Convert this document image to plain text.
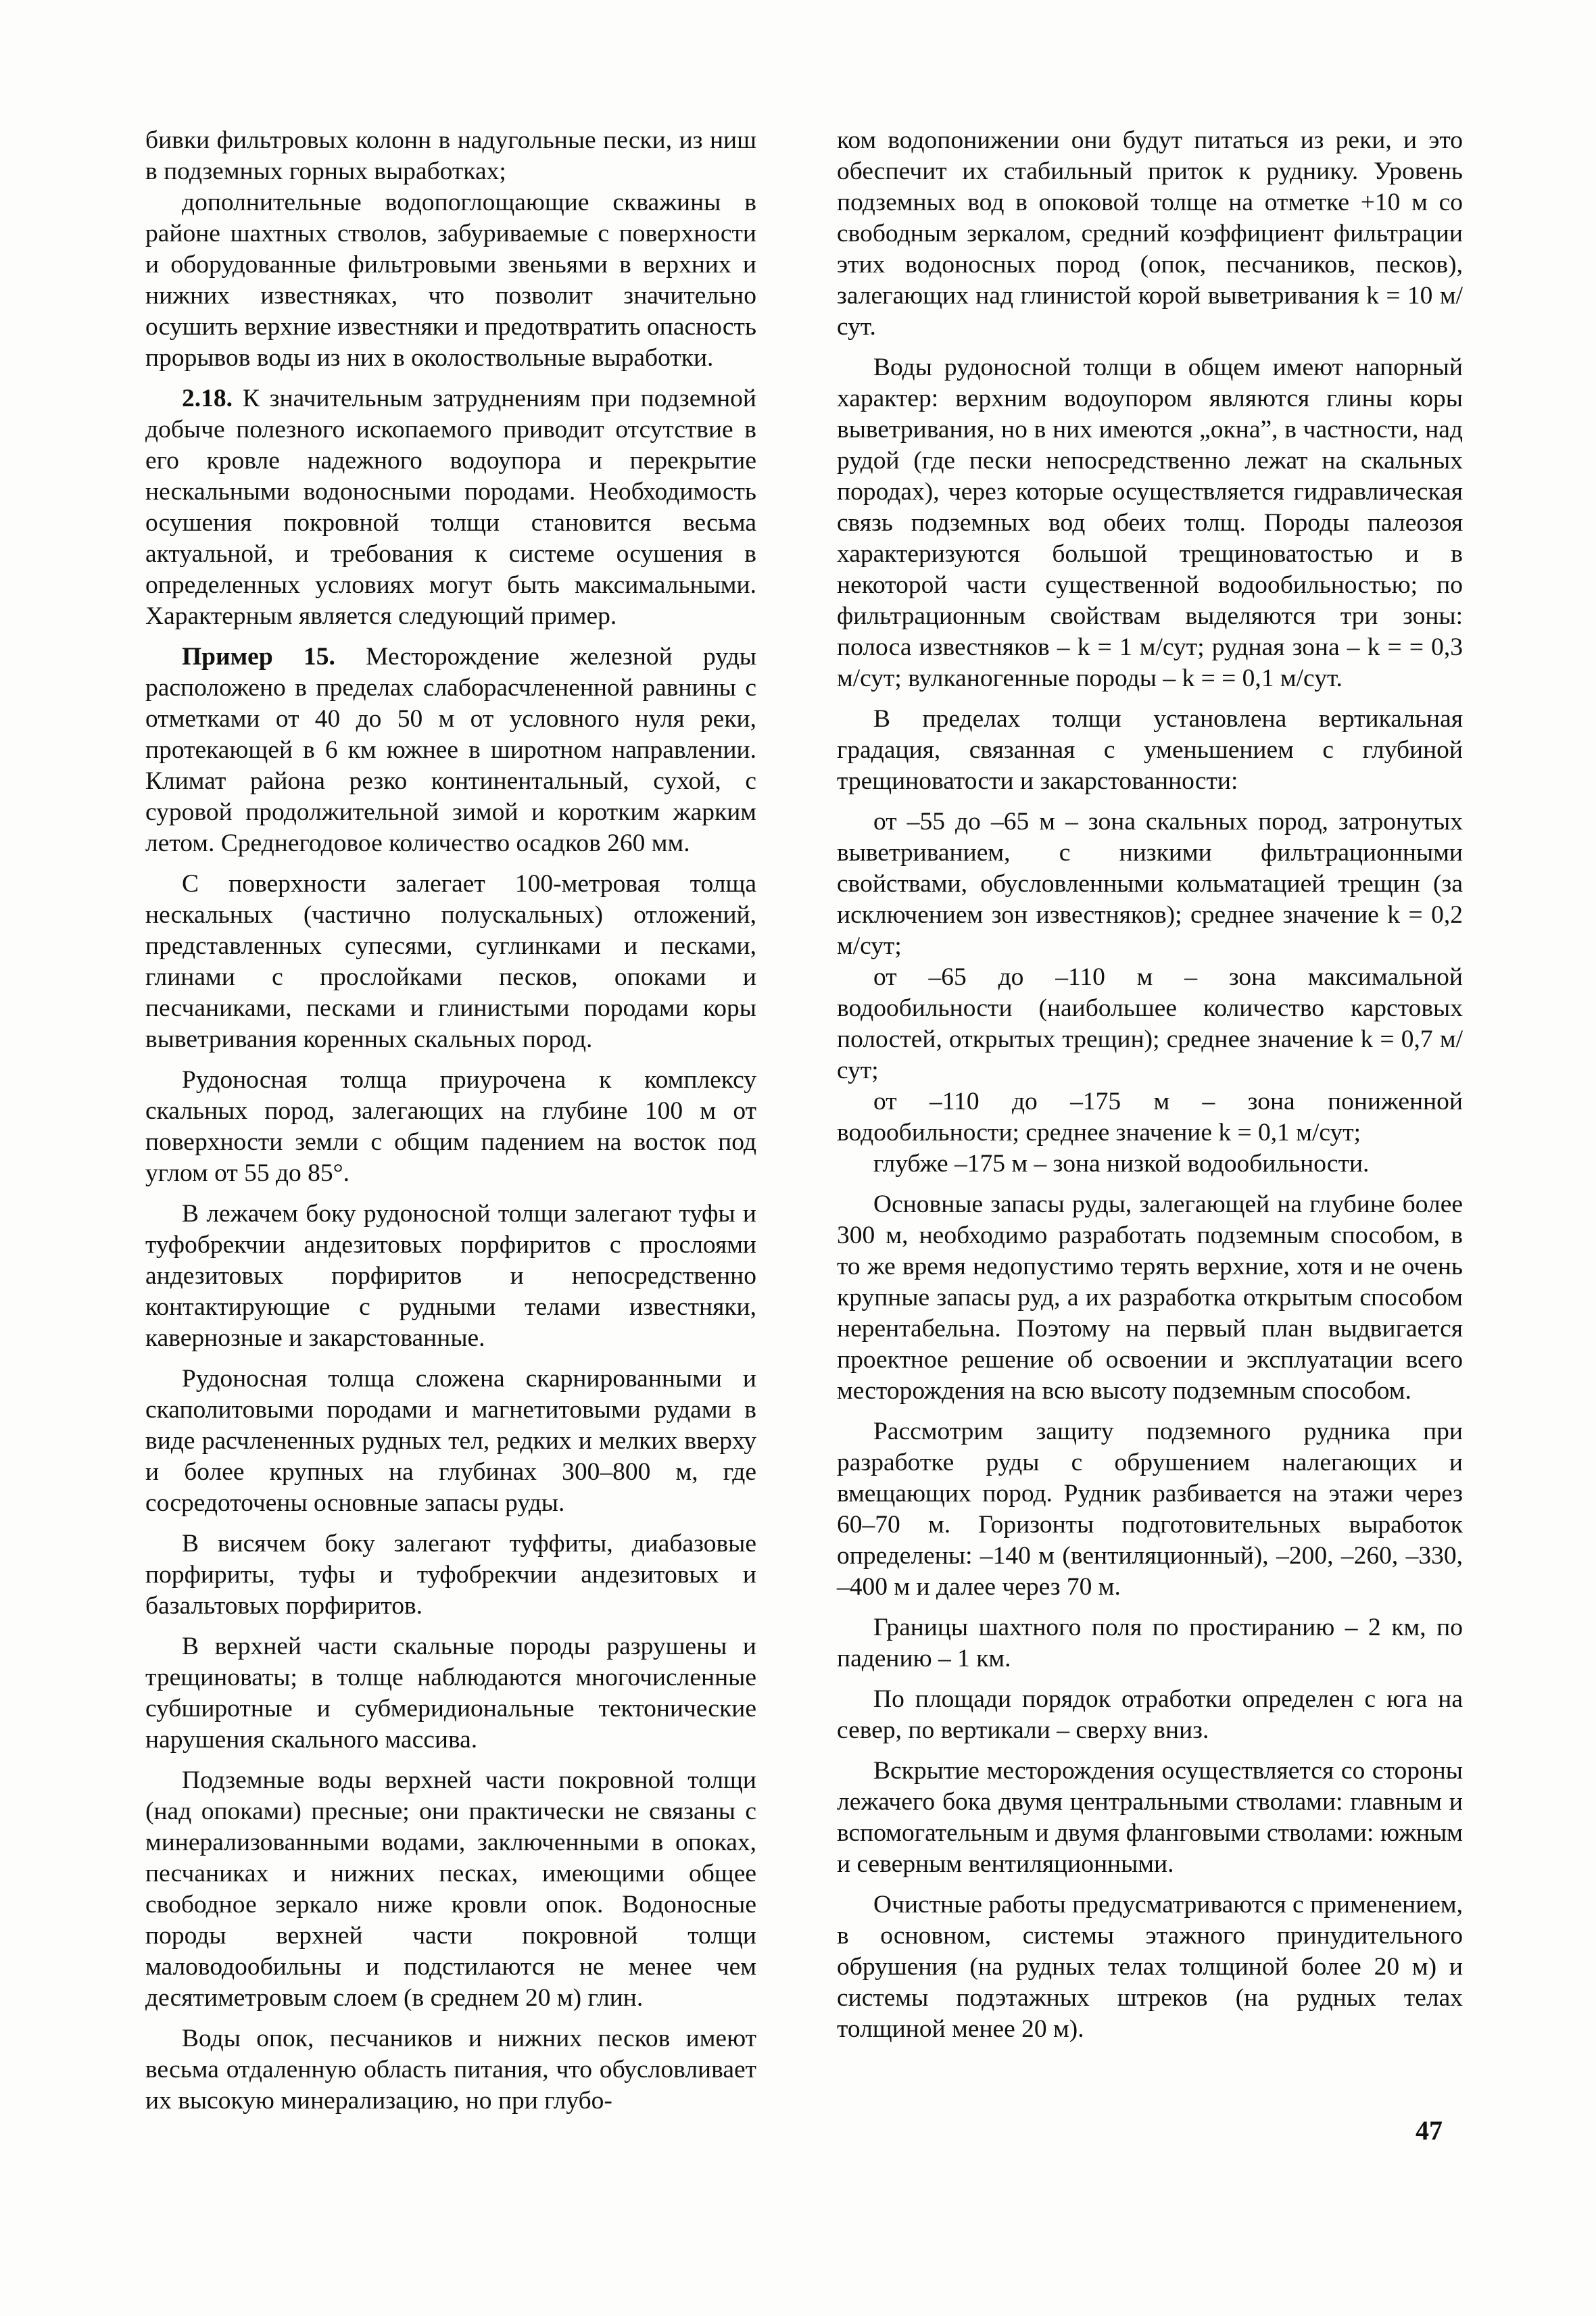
бивки фильтровых колонн в надугольные пески, из ниш в подземных горных выработках;

дополнительные водопоглощающие скважины в районе шахтных стволов, забуриваемые с поверхности и оборудованные фильтровыми звеньями в верхних и нижних известняках, что позволит значительно осушить верхние известняки и предотвратить опасность прорывов воды из них в околоствольные выработки.

2.18. К значительным затруднениям при подземной добыче полезного ископаемого приводит отсутствие в его кровле надежного водоупора и перекрытие нескальными водоносными породами. Необходимость осушения покровной толщи становится весьма актуальной, и требования к системе осушения в определенных условиях могут быть максимальными. Характерным является следующий пример.

Пример 15. Месторождение железной руды расположено в пределах слаборасчлененной равнины с отметками от 40 до 50 м от условного нуля реки, протекающей в 6 км южнее в широтном направлении. Климат района резко континентальный, сухой, с суровой продолжительной зимой и коротким жарким летом. Среднегодовое количество осадков 260 мм.

С поверхности залегает 100-метровая толща нескальных (частично полускальных) отложений, представленных супесями, суглинками и песками, глинами с прослойками песков, опоками и песчаниками, песками и глинистыми породами коры выветривания коренных скальных пород.

Рудоносная толща приурочена к комплексу скальных пород, залегающих на глубине 100 м от поверхности земли с общим падением на восток под углом от 55 до 85°.

В лежачем боку рудоносной толщи залегают туфы и туфобрекчии андезитовых порфиритов с прослоями андезитовых порфиритов и непосредственно контактирующие с рудными телами известняки, кавернозные и закарстованные.

Рудоносная толща сложена скарнированными и скаполитовыми породами и магнетитовыми рудами в виде расчлененных рудных тел, редких и мелких вверху и более крупных на глубинах 300–800 м, где сосредоточены основные запасы руды.

В висячем боку залегают туффиты, диабазовые порфириты, туфы и туфобрекчии андезитовых и базальтовых порфиритов.

В верхней части скальные породы разрушены и трещиноваты; в толще наблюдаются многочисленные субширотные и субмеридиональные тектонические нарушения скального массива.

Подземные воды верхней части покровной толщи (над опоками) пресные; они практически не связаны с минерализованными водами, заключенными в опоках, песчаниках и нижних песках, имеющими общее свободное зеркало ниже кровли опок. Водоносные породы верхней части покровной толщи маловодообильны и подстилаются не менее чем десятиметровым слоем (в среднем 20 м) глин.

Воды опок, песчаников и нижних песков имеют весьма отдаленную область питания, что обусловливает их высокую минерализацию, но при глубо-

ком водопонижении они будут питаться из реки, и это обеспечит их стабильный приток к руднику. Уровень подземных вод в опоковой толще на отметке +10 м со свободным зеркалом, средний коэффициент фильтрации этих водоносных пород (опок, песчаников, песков), залегающих над глинистой корой выветривания k = 10 м/сут.

Воды рудоносной толщи в общем имеют напорный характер: верхним водоупором являются глины коры выветривания, но в них имеются „окна”, в частности, над рудой (где пески непосредственно лежат на скальных породах), через которые осуществляется гидравлическая связь подземных вод обеих толщ. Породы палеозоя характеризуются большой трещиноватостью и в некоторой части существенной водообильностью; по фильтрационным свойствам выделяются три зоны: полоса известняков – k = 1 м/сут; рудная зона – k = = 0,3 м/сут; вулканогенные породы – k = = 0,1 м/сут.

В пределах толщи установлена вертикальная градация, связанная с уменьшением с глубиной трещиноватости и закарстованности:

от –55 до –65 м – зона скальных пород, затронутых выветриванием, с низкими фильтрационными свойствами, обусловленными кольматацией трещин (за исключением зон известняков); среднее значение k = 0,2 м/сут;

от –65 до –110 м – зона максимальной водообильности (наибольшее количество карстовых полостей, открытых трещин); среднее значение k = 0,7 м/сут;

от –110 до –175 м – зона пониженной водообильности; среднее значение k = 0,1 м/сут;

глубже –175 м – зона низкой водообильности.

Основные запасы руды, залегающей на глубине более 300 м, необходимо разработать подземным способом, в то же время недопустимо терять верхние, хотя и не очень крупные запасы руд, а их разработка открытым способом нерентабельна. Поэтому на первый план выдвигается проектное решение об освоении и эксплуатации всего месторождения на всю высоту подземным способом.

Рассмотрим защиту подземного рудника при разработке руды с обрушением налегающих и вмещающих пород. Рудник разбивается на этажи через 60–70 м. Горизонты подготовительных выработок определены: –140 м (вентиляционный), –200, –260, –330, –400 м и далее через 70 м.

Границы шахтного поля по простиранию – 2 км, по падению – 1 км.

По площади порядок отработки определен с юга на север, по вертикали – сверху вниз.

Вскрытие месторождения осуществляется со стороны лежачего бока двумя центральными стволами: главным и вспомогательным и двумя фланговыми стволами: южным и северным вентиляционными.

Очистные работы предусматриваются с применением, в основном, системы этажного принудительного обрушения (на рудных телах толщиной более 20 м) и системы подэтажных штреков (на рудных телах толщиной менее 20 м).

47
